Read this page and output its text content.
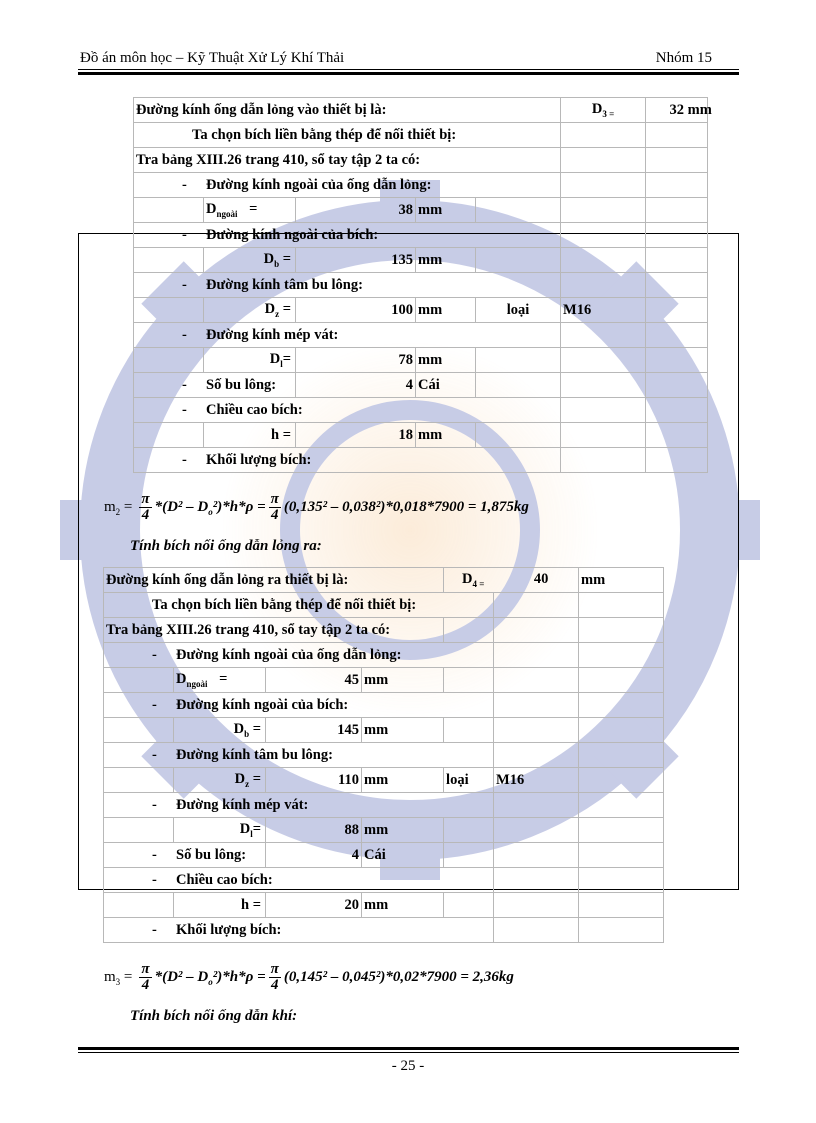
Đồ án môn học – Kỹ Thuật Xử Lý Khí Thải	Nhóm 15
Đường kính ống dẫn lỏng vào thiết bị là:					$D_{3 =}$	32 mm
Ta chọn bích liền bằng thép để nối thiết bị:						
Tra bảng XIII.26 trang 410, sổ tay tập 2 ta có:						
- Đường kính ngoài của ống dẫn lỏng:						
	$D_{ngoài}$ =	38	mm			
- Đường kính ngoài của bích:						
	$D_b$ =	135	mm			
- Đường kính tâm bu lông:						
	$D_z$ =	100	mm	loại	M16	
- Đường kính mép vát:						
	$D_l=$	78	mm			
- Số bu lông:		4	Cái			
- Chiều cao bích:						
	h =	18	mm			
- Khối lượng bích:						
$m_2 = \frac{\pi}{4} *(D^2 - D_o^2)*h*\rho = \frac{\pi}{4} (0,135^2 - 0,038^2)*0,018*7900 = 1,875kg$
Tính bích nối ống dẫn lỏng ra:
Đường kính ống dẫn lỏng ra thiết bị là:				$D_{4 =}$ 40		mm
Ta chọn bích liền bằng thép để nối thiết bị:						
Tra bảng XIII.26 trang 410, sổ tay tập 2 ta có:						
- Đường kính ngoài của ống dẫn lỏng:						
	$D_{ngoài}$ =	45	mm			
- Đường kính ngoài của bích:						
	$D_b$ =	145	mm			
- Đường kính tâm bu lông:						
	$D_z$ =	110	mm	loại	M16	
- Đường kính mép vát:						
	$D_l=$	88	mm			
- Số bu lông:		4	Cái			
- Chiều cao bích:						
	h =	20	mm			
- Khối lượng bích:						
$m_3 = \frac{\pi}{4} *(D^2 - D_o^2)*h*\rho = \frac{\pi}{4} (0,145^2 - 0,045^2)*0,02*7900 = 2,36kg$
Tính bích nối ống dẫn khí:
- 25 -
